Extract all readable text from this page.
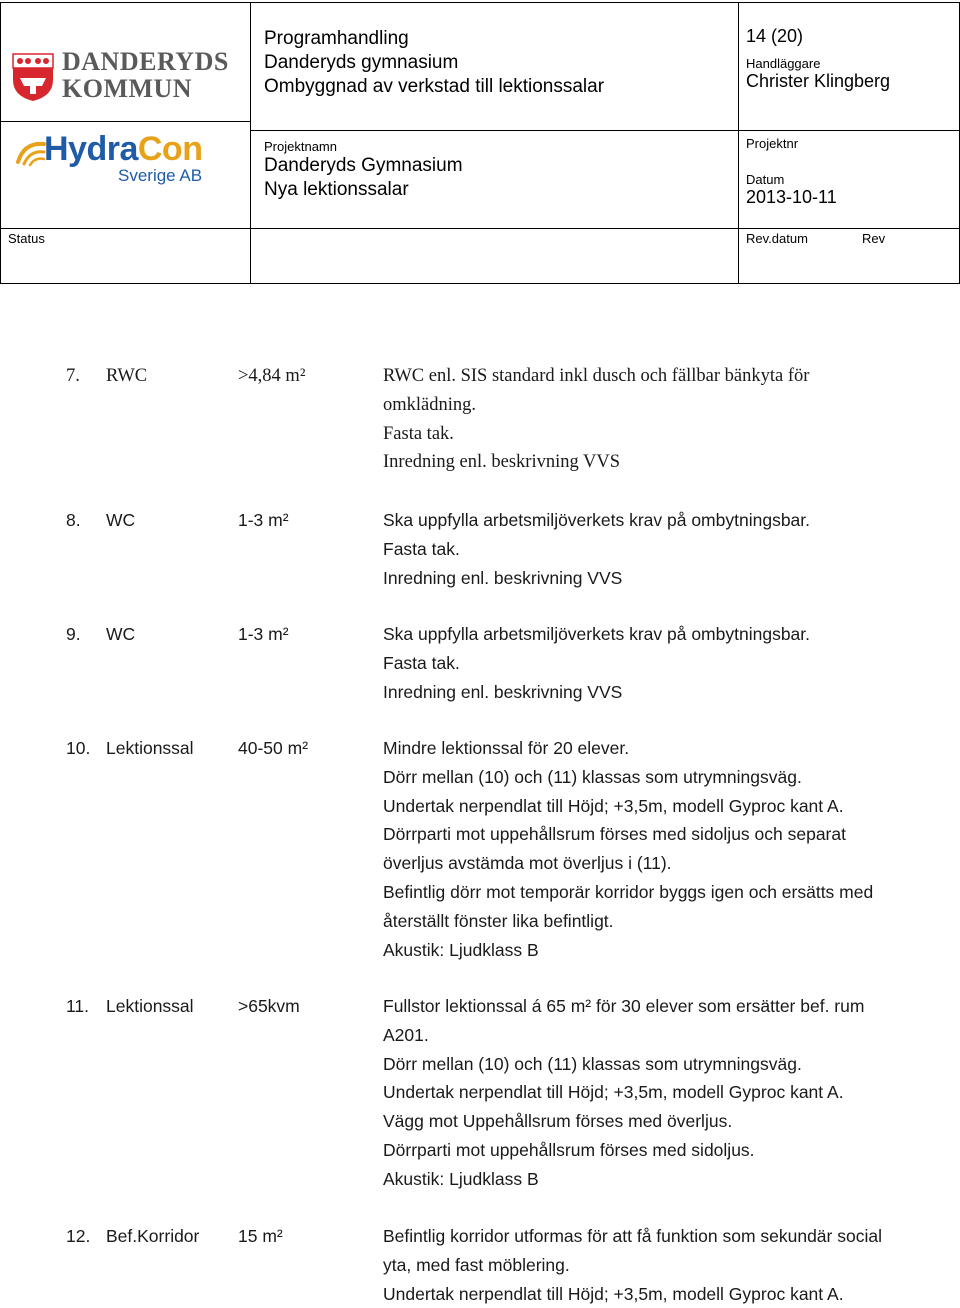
DANDERYDS
KOMMUN
HydraCon
Sverige AB
Programhandling
Danderyds gymnasium
Ombyggnad av verkstad till lektionssalar
14 (20)
Handläggare
Christer Klingberg
Projektnamn
Danderyds Gymnasium
Nya lektionssalar
Projektnr
Datum
2013-10-11
Status	Rev.datum	Rev
7. RWC	>4,84 m²	RWC enl. SIS standard inkl dusch och fällbar bänkyta för
omklädning.
Fasta tak.
Inredning enl. beskrivning VVS
8. WC	1-3 m²	Ska uppfylla arbetsmiljöverkets krav på ombytningsbar.
Fasta tak.
Inredning enl. beskrivning VVS
9. WC	1-3 m²	Ska uppfylla arbetsmiljöverkets krav på ombytningsbar.
Fasta tak.
Inredning enl. beskrivning VVS
10. Lektionssal	40-50 m²	Mindre lektionssal för 20 elever.
Dörr mellan (10) och (11) klassas som utrymningsväg.
Undertak nerpendlat till Höjd; +3,5m, modell Gyproc kant A.
Dörrparti mot uppehållsrum förses med sidoljus och separat
överljus avstämda mot överljus i (11).
Befintlig dörr mot temporär korridor byggs igen och ersätts med
återställt fönster lika befintligt.
Akustik: Ljudklass B
11. Lektionssal	>65kvm	Fullstor lektionssal á 65 m² för 30 elever som ersätter bef. rum
A201.
Dörr mellan (10) och (11) klassas som utrymningsväg.
Undertak nerpendlat till Höjd; +3,5m, modell Gyproc kant A.
Vägg mot Uppehållsrum förses med överljus.
Dörrparti mot uppehållsrum förses med sidoljus.
Akustik: Ljudklass B
12. Bef.Korridor 15 m²	Befintlig korridor utformas för att få funktion som sekundär social
yta, med fast möblering.
Undertak nerpendlat till Höjd; +3,5m, modell Gyproc kant A.
